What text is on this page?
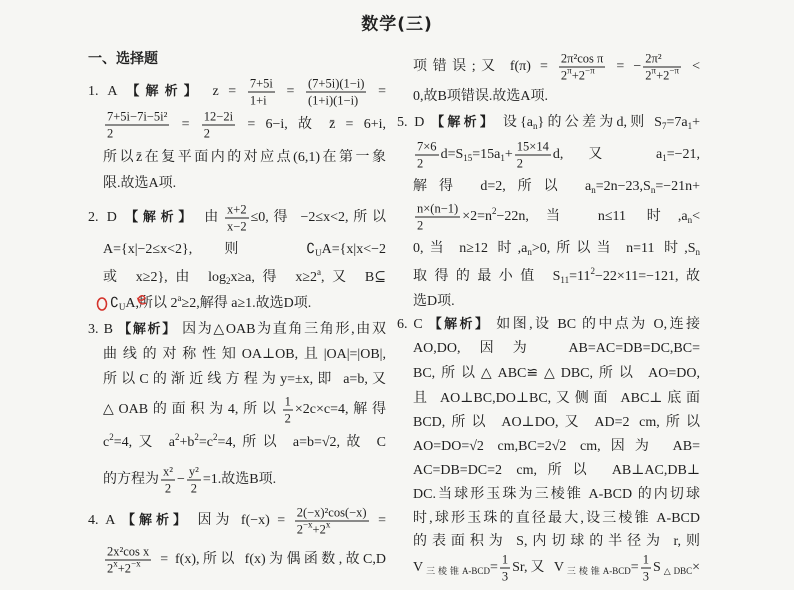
数学(三)
一、选择题
1. A 【解析】 $z = \frac{7+5i}{1+i} = \frac{(7+5i)(1-i)}{(1+i)(1-i)}$ =
$\frac{\text{7+5i−7i−5i²}}{2} = \frac{12-2i}{2} = 6-i$, 故 z̄ = 6+i,
所以z̄在复平面内的对应点(6,1)在第一象
限.故选A项.
2. D 【解析】 由 $\frac{x+2}{x-2} \le 0$,得 −2≤x<2,所以
A={x|−2≤x<2},则 $∁_UA=\{x|x<-2$
或 x≥2},由 $\log_2x\ge a$,得 $x\ge 2^a$,又 B⊆
$∁_UA$,所以 $2^a\ge 2$,解得 a≥1.故选D项.
3. B 【解析】 因为△OAB为直角三角形,由双
曲线的对称性知OA⊥OB,且|OA|=|OB|,
所以C的渐近线方程为y=±x,即 a=b,又
△OAB的面积为4,所以 $\frac{1}{2} \times 2c\times c=4$,解得
$c^2=4$,又 $a^2+b^2=c^2=4$,所以 a=b=√2,故 C
的方程为 $\frac{\text{x²}}{2} - \frac{\text{y²}}{2} =1$.故选B项.
4. A 【解析】 因为 $f(-x) = \frac{\text{2(−x)²cos(−x)}}{2^{-x}+2^x}$ =
$\frac{\text{2x²cos x}}{2^x+2^{-x}} = f(x)$,所以 f(x)为偶函数,故C,D
项错误;又 $f(\pi) = \frac{\text{2π²cos π}}{2^\pi+2^{-\pi}}$ = − $\frac{\text{2π²}}{2^\pi+2^{-\pi}}$ <
0,故B项错误.故选A项.
5. D 【解析】 设$\{a_n\}$的公差为d,则 $S_7=7a_1+$
$\frac{7\times 6}{2} d=S_{15}=15a_1+ \frac{15\times 14}{2} d$,又 $a_1=-21$,
解得 d=2,所以 $a_n=2n-23,S_n=-21n+$
$\frac{n\times(n-1)}{2} \times 2=n^2-22n$,当 n≤11 时$,a_n<$
0,当 n≥12 时$,a_n>0$,所以当 n=11 时$,S_n$
取得的最小值 $S_{11}=11^2-22\times 11=-121$,故
选D项.
6. C 【解析】 如图,设 BC 的中点为 O,连接
AO,DO,因为 AB=AC=DB=DC,BC=
BC,所以△ABC≌△DBC,所以 AO=DO,
且 AO⊥BC,DO⊥BC,又侧面 ABC⊥底面
BCD,所以 AO⊥DO,又 AD=2 cm,所以
AO=DO=√2 cm,BC=2√2 cm,因为 AB=
AC=DB=DC=2 cm,所以 AB⊥AC,DB⊥
DC.当球形玉珠为三棱锥 A-BCD 的内切球
时,球形玉珠的直径最大,设三棱锥 A-BCD
的表面积为 S,内切球的半径为 r,则
$V_{三棱锥A-BCD}= \frac{1}{3} Sr$,又 $V_{三棱锥A-BCD}= \frac{1}{3} S_{\triangle DBC}\times$
